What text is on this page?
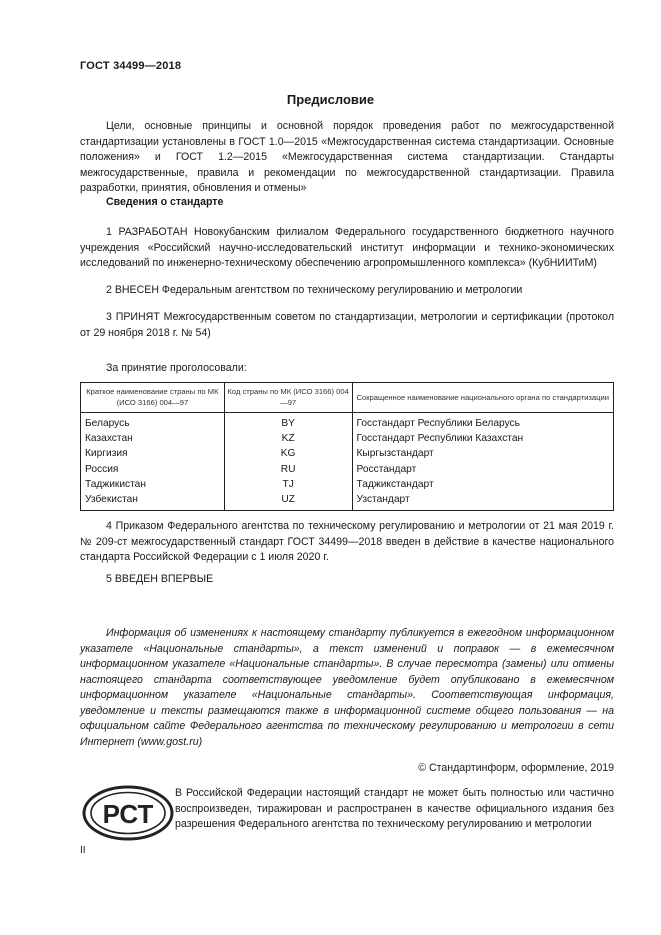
ГОСТ 34499—2018
Предисловие
Цели, основные принципы и основной порядок проведения работ по межгосударственной стандартизации установлены в ГОСТ 1.0—2015 «Межгосударственная система стандартизации. Основные положения» и ГОСТ 1.2—2015 «Межгосударственная система стандартизации. Стандарты межгосударственные, правила и рекомендации по межгосударственной стандартизации. Правила разработки, принятия, обновления и отмены»
Сведения о стандарте
1 РАЗРАБОТАН Новокубанским филиалом Федерального государственного бюджетного научного учреждения «Российский научно-исследовательский институт информации и технико-экономических исследований по инженерно-техническому обеспечению агропромышленного комплекса» (КубНИИТиМ)
2 ВНЕСЕН Федеральным агентством по техническому регулированию и метрологии
3 ПРИНЯТ Межгосударственным советом по стандартизации, метрологии и сертификации (протокол от 29 ноября 2018 г. № 54)
За принятие проголосовали:
Краткое наименование страны по МК (ИСО 3166) 004—97	Код страны по МК (ИСО 3166) 004—97	Сокращенное наименование национального органа по стандартизации
Беларусь	BY	Госстандарт Республики Беларусь
Казахстан	KZ	Госстандарт Республики Казахстан
Киргизия	KG	Кыргызстандарт
Россия	RU	Росстандарт
Таджикистан	TJ	Таджикстандарт
Узбекистан	UZ	Узстандарт
4 Приказом Федерального агентства по техническому регулированию и метрологии от 21 мая 2019 г. № 209-ст межгосударственный стандарт ГОСТ 34499—2018 введен в действие в качестве национального стандарта Российской Федерации с 1 июля 2020 г.
5 ВВЕДЕН ВПЕРВЫЕ
Информация об изменениях к настоящему стандарту публикуется в ежегодном информационном указателе «Национальные стандарты», а текст изменений и поправок — в ежемесячном информационном указателе «Национальные стандарты». В случае пересмотра (замены) или отмены настоящего стандарта соответствующее уведомление будет опубликовано в ежемесячном информационном указателе «Национальные стандарты». Соответствующая информация, уведомление и тексты размещаются также в информационной системе общего пользования — на официальном сайте Федерального агентства по техническому регулированию и метрологии в сети Интернет (www.gost.ru)
© Стандартинформ, оформление, 2019
РСТ
В Российской Федерации настоящий стандарт не может быть полностью или частично воспроизведен, тиражирован и распространен в качестве официального издания без разрешения Федерального агентства по техническому регулированию и метрологии
II
